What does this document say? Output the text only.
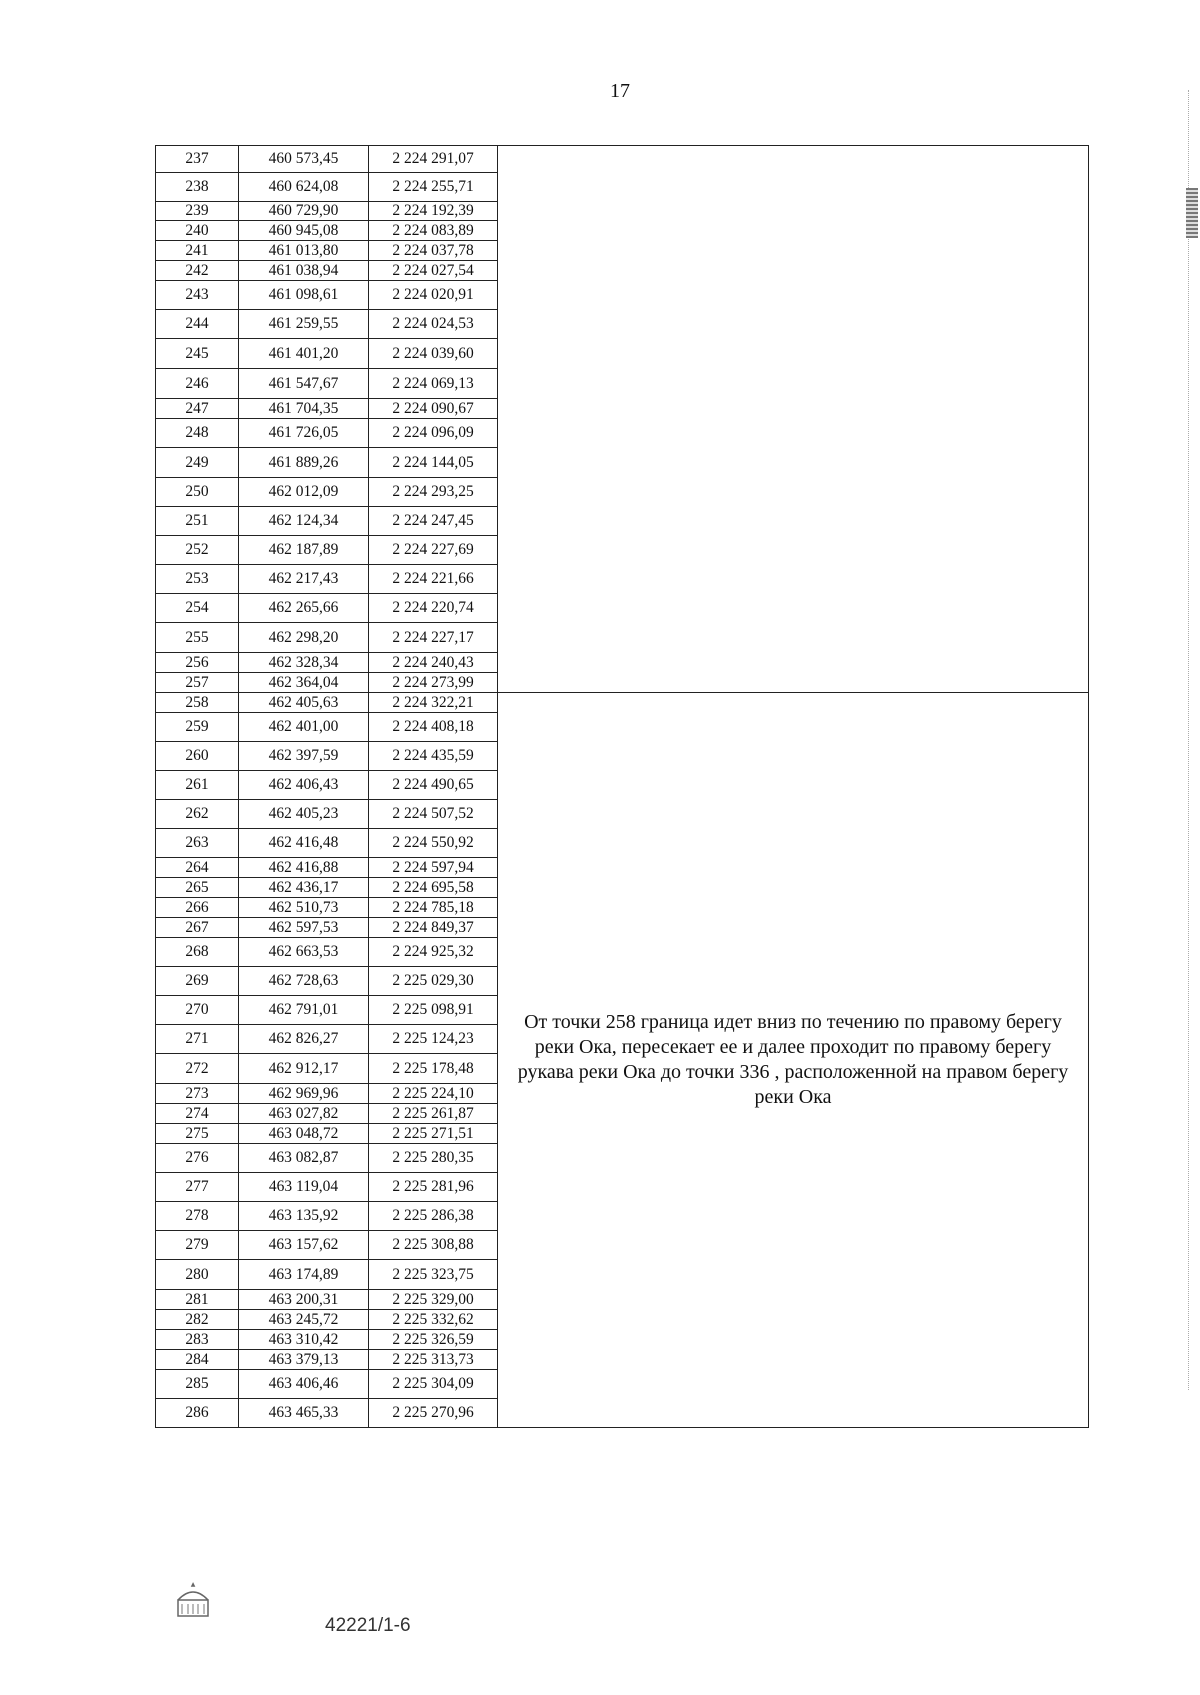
17
237	460 573,45	2 224 291,07	
238	460 624,08	2 224 255,71	
239	460 729,90	2 224 192,39	
240	460 945,08	2 224 083,89	
241	461 013,80	2 224 037,78	
242	461 038,94	2 224 027,54	
243	461 098,61	2 224 020,91	
244	461 259,55	2 224 024,53	
245	461 401,20	2 224 039,60	
246	461 547,67	2 224 069,13	
247	461 704,35	2 224 090,67	
248	461 726,05	2 224 096,09	
249	461 889,26	2 224 144,05	
250	462 012,09	2 224 293,25	
251	462 124,34	2 224 247,45	
252	462 187,89	2 224 227,69	
253	462 217,43	2 224 221,66	
254	462 265,66	2 224 220,74	
255	462 298,20	2 224 227,17	
256	462 328,34	2 224 240,43	
257	462 364,04	2 224 273,99	
258	462 405,63	2 224 322,21	От точки 258 граница идет вниз по течению по правому берегу реки Ока, пересекает ее и далее проходит по правому берегу рукава реки Ока до точки 336 , расположенной на правом берегу реки Ока

259	462 401,00	2 224 408,18	
260	462 397,59	2 224 435,59	
261	462 406,43	2 224 490,65	
262	462 405,23	2 224 507,52	
263	462 416,48	2 224 550,92	
264	462 416,88	2 224 597,94	
265	462 436,17	2 224 695,58	
266	462 510,73	2 224 785,18	
267	462 597,53	2 224 849,37	
268	462 663,53	2 224 925,32	
269	462 728,63	2 225 029,30	
270	462 791,01	2 225 098,91	
271	462 826,27	2 225 124,23	
272	462 912,17	2 225 178,48	
273	462 969,96	2 225 224,10	
274	463 027,82	2 225 261,87	
275	463 048,72	2 225 271,51	
276	463 082,87	2 225 280,35	
277	463 119,04	2 225 281,96	
278	463 135,92	2 225 286,38	
279	463 157,62	2 225 308,88	
280	463 174,89	2 225 323,75	
281	463 200,31	2 225 329,00	
282	463 245,72	2 225 332,62	
283	463 310,42	2 225 326,59	
284	463 379,13	2 225 313,73	
285	463 406,46	2 225 304,09	
286	463 465,33	2 225 270,96	
▲
42221/1-6
